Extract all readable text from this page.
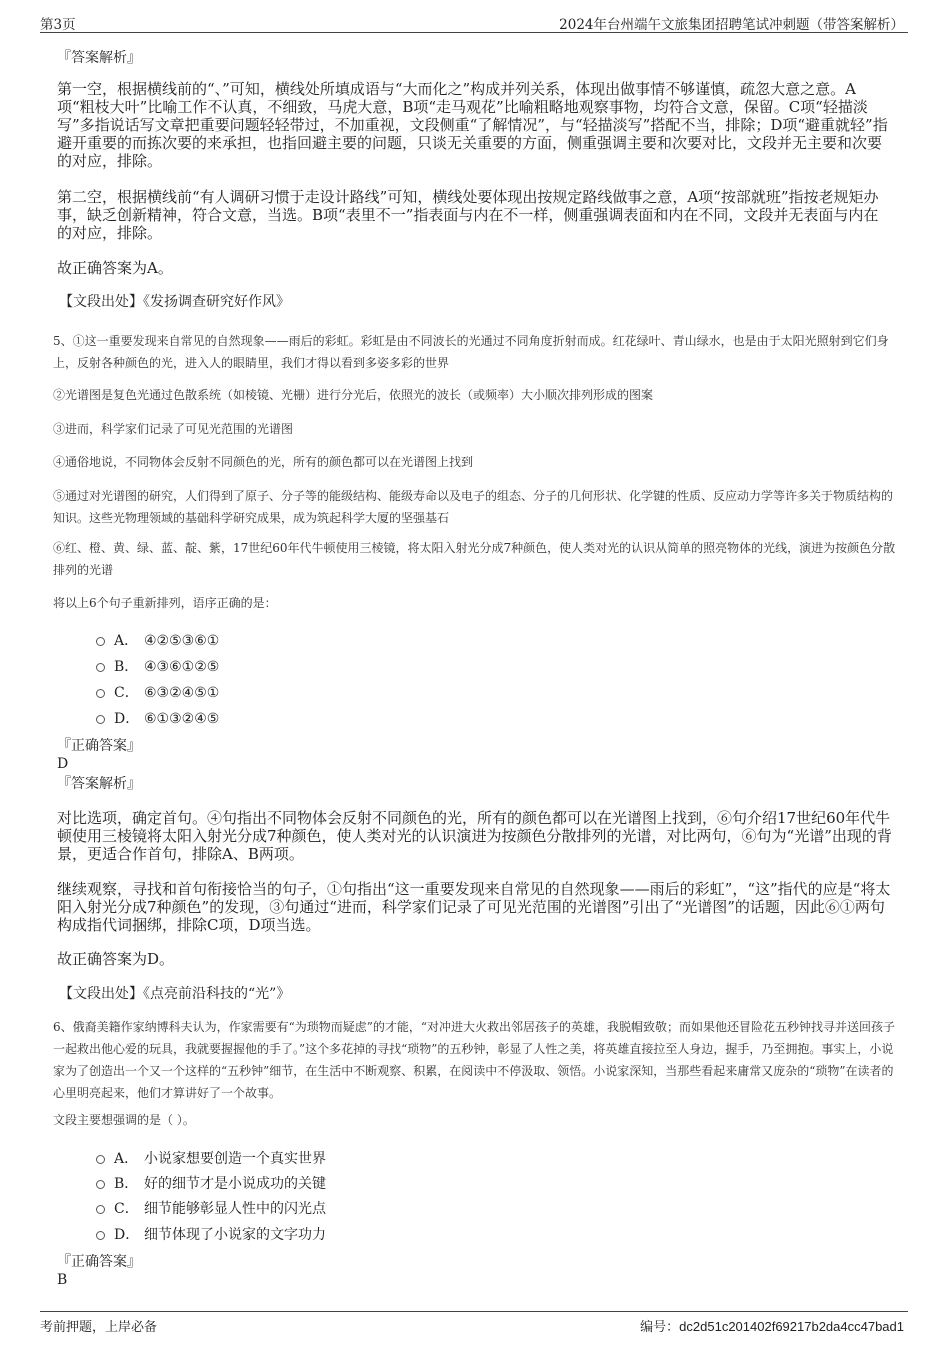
第3页	2024年台州端午文旅集团招聘笔试冲刺题（带答案解析）
『答案解析』

第一空，根据横线前的“、”可知，横线处所填成语与“大而化之”构成并列关系，体现出做事情不够谨慎，疏忽大意之意。A项“粗枝大叶”比喻工作不认真，不细致，马虎大意，B项“走马观花”比喻粗略地观察事物，均符合文意，保留。C项“轻描淡写”多指说话写文章把重要问题轻轻带过，不加重视，文段侧重“了解情况”，与“轻描淡写”搭配不当，排除；D项“避重就轻”指避开重要的而拣次要的来承担，也指回避主要的问题，只谈无关重要的方面，侧重强调主要和次要对比，文段并无主要和次要的对应，排除。

第二空，根据横线前“有人调研习惯于走设计路线”可知，横线处要体现出按规定路线做事之意，A项“按部就班”指按老规矩办事，缺乏创新精神，符合文意，当选。B项“表里不一”指表面与内在不一样，侧重强调表面和内在不同，文段并无表面与内在的对应，排除。

故正确答案为A。

【文段出处】《发扬调查研究好作风》

5、①这一重要发现来自常见的自然现象——雨后的彩虹。彩虹是由不同波长的光通过不同角度折射而成。红花绿叶、青山绿水，也是由于太阳光照射到它们身上，反射各种颜色的光，进入人的眼睛里，我们才得以看到多姿多彩的世界

②光谱图是复色光通过色散系统（如棱镜、光栅）进行分光后，依照光的波长（或频率）大小顺次排列形成的图案

③进而，科学家们记录了可见光范围的光谱图

④通俗地说，不同物体会反射不同颜色的光，所有的颜色都可以在光谱图上找到

⑤通过对光谱图的研究，人们得到了原子、分子等的能级结构、能级寿命以及电子的组态、分子的几何形状、化学键的性质、反应动力学等许多关于物质结构的知识。这些光物理领域的基础科学研究成果，成为筑起科学大厦的坚强基石

⑥红、橙、黄、绿、蓝、靛、紫，17世纪60年代牛顿使用三棱镜，将太阳入射光分成7种颜色，使人类对光的认识从简单的照亮物体的光线，演进为按颜色分散排列的光谱

将以上6个句子重新排列，语序正确的是：

A． ④②⑤③⑥①
B． ④③⑥①②⑤
C． ⑥③②④⑤①
D． ⑥①③②④⑤
『正确答案』
D
『答案解析』

对比选项，确定首句。④句指出不同物体会反射不同颜色的光，所有的颜色都可以在光谱图上找到，⑥句介绍17世纪60年代牛顿使用三棱镜将太阳入射光分成7种颜色，使人类对光的认识演进为按颜色分散排列的光谱，对比两句，⑥句为“光谱”出现的背景，更适合作首句，排除A、B两项。

继续观察，寻找和首句衔接恰当的句子，①句指出“这一重要发现来自常见的自然现象——雨后的彩虹”，“这”指代的应是“将太阳入射光分成7种颜色”的发现，③句通过“进而，科学家们记录了可见光范围的光谱图”引出了“光谱图”的话题，因此⑥①两句构成指代词捆绑，排除C项，D项当选。

故正确答案为D。

【文段出处】《点亮前沿科技的“光”》

6、俄裔美籍作家纳博科夫认为，作家需要有“为琐物而疑虑”的才能，“对冲进大火救出邻居孩子的英雄，我脱帽致敬；而如果他还冒险花五秒钟找寻并送回孩子一起救出他心爱的玩具，我就要握握他的手了。”这个多花掉的寻找“琐物”的五秒钟，彰显了人性之美，将英雄直接拉至人身边，握手，乃至拥抱。事实上，小说家为了创造出一个又一个这样的“五秒钟”细节，在生活中不断观察、积累，在阅读中不停汲取、领悟。小说家深知，当那些看起来庸常又庞杂的“琐物”在读者的心里明亮起来，他们才算讲好了一个故事。

文段主要想强调的是（ ）。

A． 小说家想要创造一个真实世界
B． 好的细节才是小说成功的关键
C． 细节能够彰显人性中的闪光点
D． 细节体现了小说家的文字功力
『正确答案』
B
考前押题，上岸必备	编号：dc2d51c201402f69217b2da4cc47bad1
